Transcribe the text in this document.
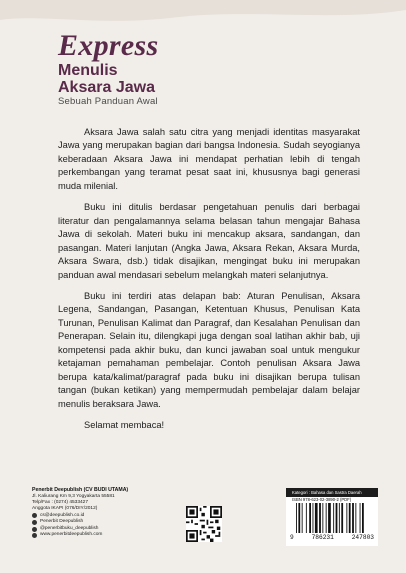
Express
Menulis
Aksara Jawa
Sebuah Panduan Awal

Aksara Jawa salah satu citra yang menjadi identitas masyarakat Jawa yang merupakan bagian dari bangsa Indonesia. Sudah seyogianya keberadaan Aksara Jawa ini mendapat perhatian lebih di tengah perkembangan yang teramat pesat saat ini, khususnya bagi generasi muda milenial.

Buku ini ditulis berdasar pengetahuan penulis dari berbagai literatur dan pengalamannya selama belasan tahun mengajar Bahasa Jawa di sekolah. Materi buku ini mencakup aksara, sandangan, dan pasangan. Materi lanjutan (Angka Jawa, Aksara Rekan, Aksara Murda, Aksara Swara, dsb.) tidak disajikan, mengingat buku ini merupakan panduan awal mendasari sebelum melangkah materi selanjutnya.

Buku ini terdiri atas delapan bab: Aturan Penulisan, Aksara Legena, Sandangan, Pasangan, Ketentuan Khusus, Penulisan Kata Turunan, Penulisan Kalimat dan Paragraf, dan Kesalahan Penulisan dan Penerapan. Selain itu, dilengkapi juga dengan soal latihan akhir bab, uji kompetensi pada akhir buku, dan kunci jawaban soal untuk mengukur ketajaman pemahaman pembelajar. Contoh penulisan Aksara Jawa berupa kata/kalimat/paragraf pada buku ini disajikan berupa tulisan tangan (bukan ketikan) yang mempermudah pembelajar dalam belajar menulis beraksara Jawa.

Selamat membaca!

Penerbit Deepublish (CV BUDI UTAMA)
Jl. Kaliurang Km 9,3 Yogyakarta 55581
Telp/Fax : (0274) 4533427
Anggota IKAPI (076/DIY/2012)
cs@deepublish.co.id
Penerbit Deepublish
@penerbitbuku_deepublish
www.penerbitdeepublish.com
Kategori : Bahasa dan Sastra Daerah
ISBN 978-623-02-3890-2 (PDF)
9	786231	247803
